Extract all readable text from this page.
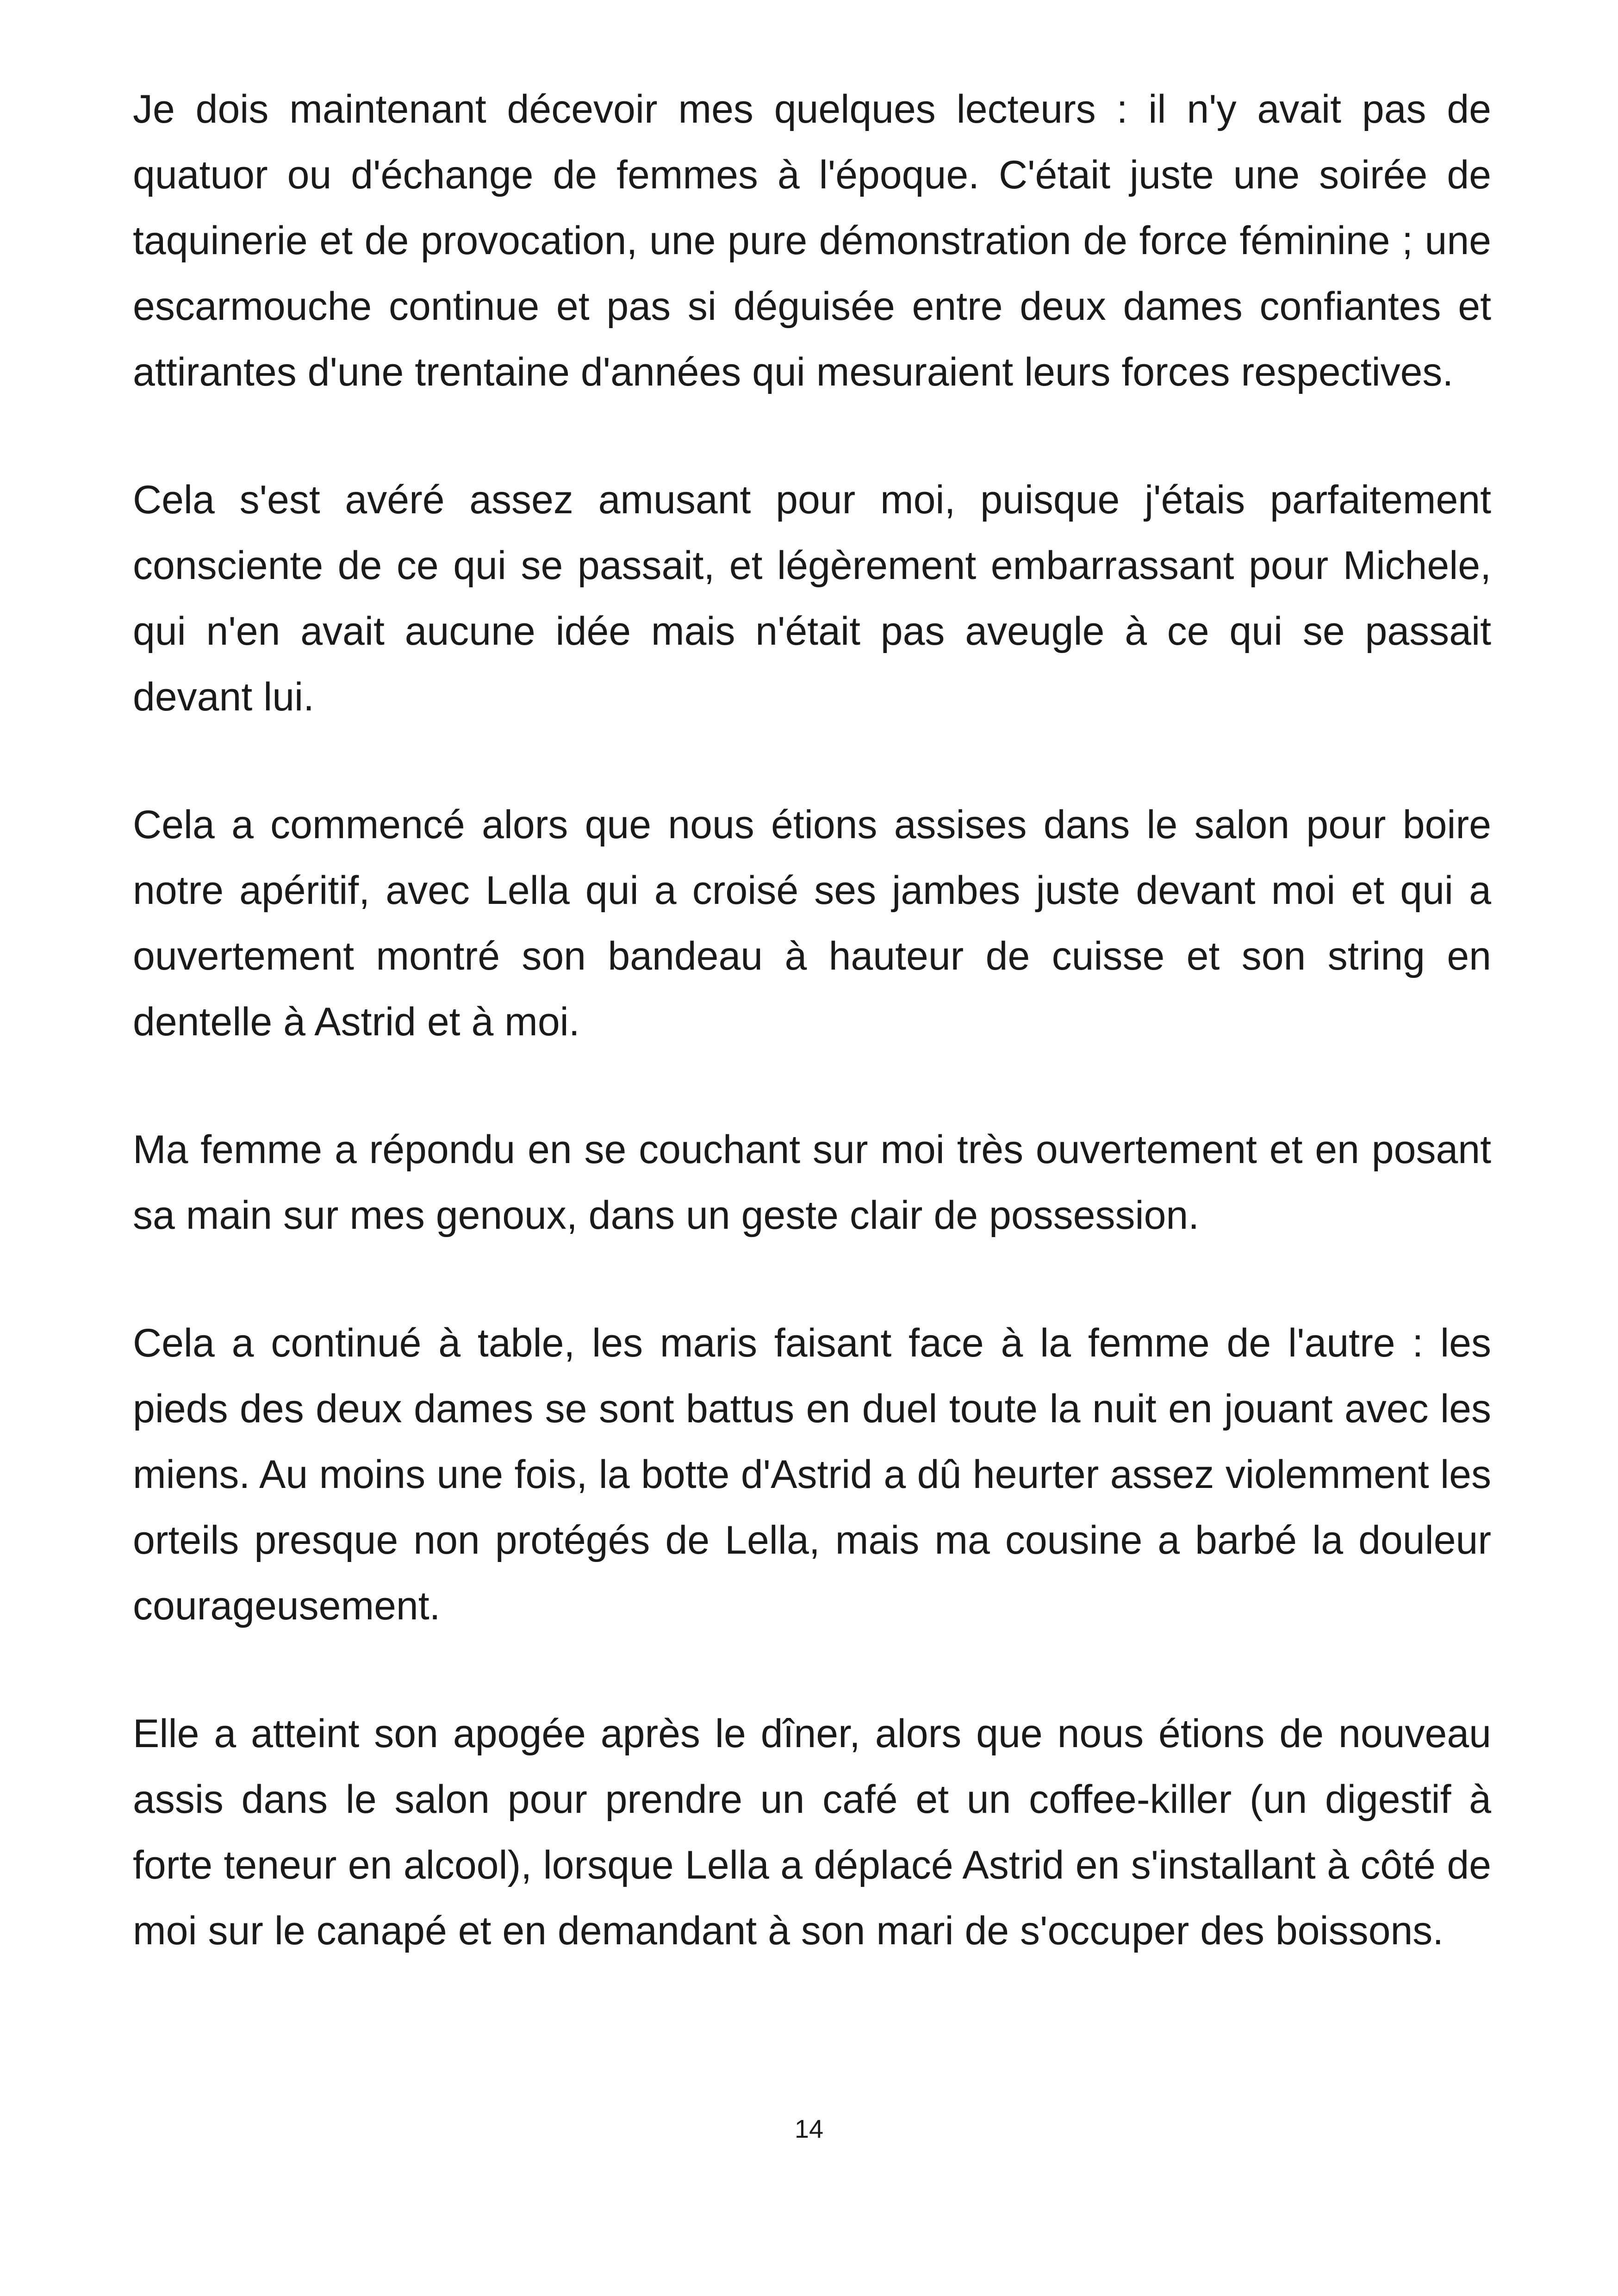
Je dois maintenant décevoir mes quelques lecteurs : il n'y avait pas de quatuor ou d'échange de femmes à l'époque. C'était juste une soirée de taquinerie et de provocation, une pure démonstration de force féminine ; une escarmouche continue et pas si déguisée entre deux dames confiantes et attirantes d'une trentaine d'années qui mesuraient leurs forces respectives.

Cela s'est avéré assez amusant pour moi, puisque j'étais parfaitement consciente de ce qui se passait, et légèrement embarrassant pour Michele, qui n'en avait aucune idée mais n'était pas aveugle à ce qui se passait devant lui.

Cela a commencé alors que nous étions assises dans le salon pour boire notre apéritif, avec Lella qui a croisé ses jambes juste devant moi et qui a ouvertement montré son bandeau à hauteur de cuisse et son string en dentelle à Astrid et à moi.

Ma femme a répondu en se couchant sur moi très ouvertement et en posant sa main sur mes genoux, dans un geste clair de possession.

Cela a continué à table, les maris faisant face à la femme de l'autre : les pieds des deux dames se sont battus en duel toute la nuit en jouant avec les miens. Au moins une fois, la botte d'Astrid a dû heurter assez violemment les orteils presque non protégés de Lella, mais ma cousine a barbé la douleur courageusement.

Elle a atteint son apogée après le dîner, alors que nous étions de nouveau assis dans le salon pour prendre un café et un coffee-killer (un digestif à forte teneur en alcool), lorsque Lella a déplacé Astrid en s'installant à côté de moi sur le canapé et en demandant à son mari de s'occuper des boissons.

14
